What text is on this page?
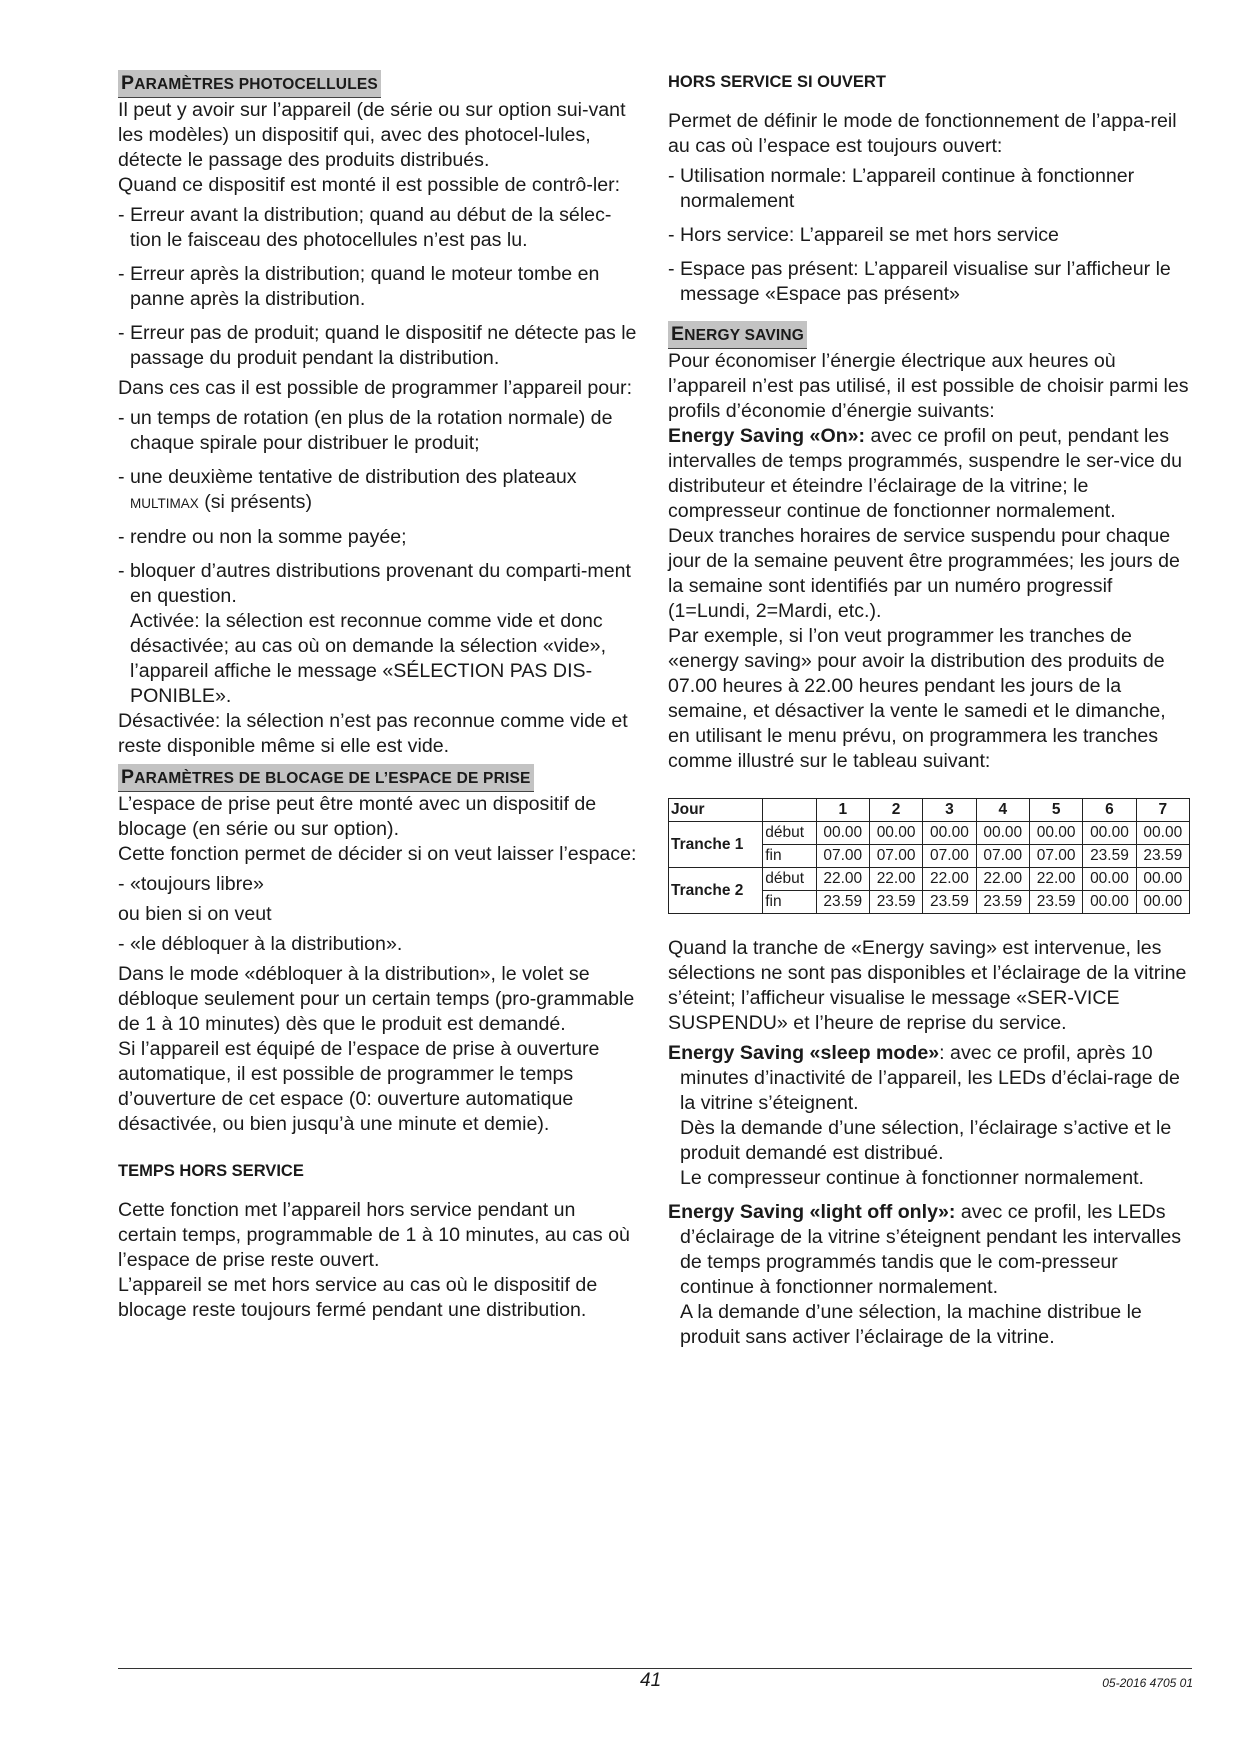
PARAMÈTRES PHOTOCELLULES

Il peut y avoir sur l’appareil (de série ou sur option sui-vant les modèles) un dispositif qui, avec des photocel-lules, détecte le passage des produits distribués.

Quand ce dispositif est monté il est possible de contrô-ler:

- Erreur avant la distribution; quand au début de la sélec-tion le faisceau des photocellules n’est pas lu.

- Erreur après la distribution; quand le moteur tombe en panne après la distribution.

- Erreur pas de produit; quand le dispositif ne détecte pas le passage du produit pendant la distribution.

Dans ces cas il est possible de programmer l’appareil pour:

- un temps de rotation (en plus de la rotation normale) de chaque spirale pour distribuer le produit;

- une deuxième tentative de distribution des plateaux MULTIMAX (si présents)

- rendre ou non la somme payée;

- bloquer d’autres distributions provenant du comparti-ment en question.

Activée: la sélection est reconnue comme vide et donc désactivée; au cas où on demande la sélection «vide», l’appareil affiche le message «SÉLECTION PAS DIS-PONIBLE».

Désactivée: la sélection n’est pas reconnue comme vide et reste disponible même si elle est vide.

PARAMÈTRES DE BLOCAGE DE L’ESPACE DE PRISE

L’espace de prise peut être monté avec un dispositif de blocage (en série ou sur option).

Cette fonction permet de décider si on veut laisser l’espace:

- «toujours libre»

ou bien si on veut

- «le débloquer à la distribution».

Dans le mode «débloquer à la distribution», le volet se débloque seulement pour un certain temps (pro-grammable de 1 à 10 minutes) dès que le produit est demandé.

Si l’appareil est équipé de l’espace de prise à ouverture automatique, il est possible de programmer le temps d’ouverture de cet espace (0: ouverture automatique désactivée, ou bien jusqu’à une minute et demie).

TEMPS HORS SERVICE

Cette fonction met l’appareil hors service pendant un certain temps, programmable de 1 à 10 minutes, au cas où l’espace de prise reste ouvert.

L’appareil se met hors service au cas où le dispositif de blocage reste toujours fermé pendant une distribution.

HORS SERVICE SI OUVERT

Permet de définir le mode de fonctionnement de l’appa-reil au cas où l’espace est toujours ouvert:

- Utilisation normale: L’appareil continue à fonctionner normalement

- Hors service: L’appareil se met hors service

- Espace pas présent: L’appareil visualise sur l’afficheur le message «Espace pas présent»

ENERGY SAVING

Pour économiser l’énergie électrique aux heures où l’appareil n’est pas utilisé, il est possible de choisir parmi les profils d’économie d’énergie suivants:

Energy Saving «On»: avec ce profil on peut, pendant les intervalles de temps programmés, suspendre le ser-vice du distributeur et éteindre l’éclairage de la vitrine; le compresseur continue de fonctionner normalement.

Deux tranches horaires de service suspendu pour chaque jour de la semaine peuvent être programmées; les jours de la semaine sont identifiés par un numéro progressif (1=Lundi, 2=Mardi, etc.).

Par exemple, si l’on veut programmer les tranches de «energy saving» pour avoir la distribution des produits de 07.00 heures à 22.00 heures pendant les jours de la semaine, et désactiver la vente le samedi et le dimanche, en utilisant le menu prévu, on programmera les tranches comme illustré sur le tableau suivant:

Jour		1	2	3	4	5	6	7
Tranche 1	début	00.00	00.00	00.00	00.00	00.00	00.00	00.00
	fin	07.00	07.00	07.00	07.00	07.00	23.59	23.59
Tranche 2	début	22.00	22.00	22.00	22.00	22.00	00.00	00.00
	fin	23.59	23.59	23.59	23.59	23.59	00.00	00.00

Quand la tranche de «Energy saving» est intervenue, les sélections ne sont pas disponibles et l’éclairage de la vitrine s’éteint; l’afficheur visualise le message «SER-VICE SUSPENDU» et l’heure de reprise du service.

Energy Saving «sleep mode»: avec ce profil, après 10 minutes d’inactivité de l’appareil, les LEDs d’éclai-rage de la vitrine s’éteignent.

Dès la demande d’une sélection, l’éclairage s’active et le produit demandé est distribué.

Le compresseur continue à fonctionner normalement.

Energy Saving «light off only»: avec ce profil, les LEDs d’éclairage de la vitrine s’éteignent pendant les intervalles de temps programmés tandis que le com-presseur continue à fonctionner normalement.

A la demande d’une sélection, la machine distribue le produit sans activer l’éclairage de la vitrine.

41	05-2016 4705 01
